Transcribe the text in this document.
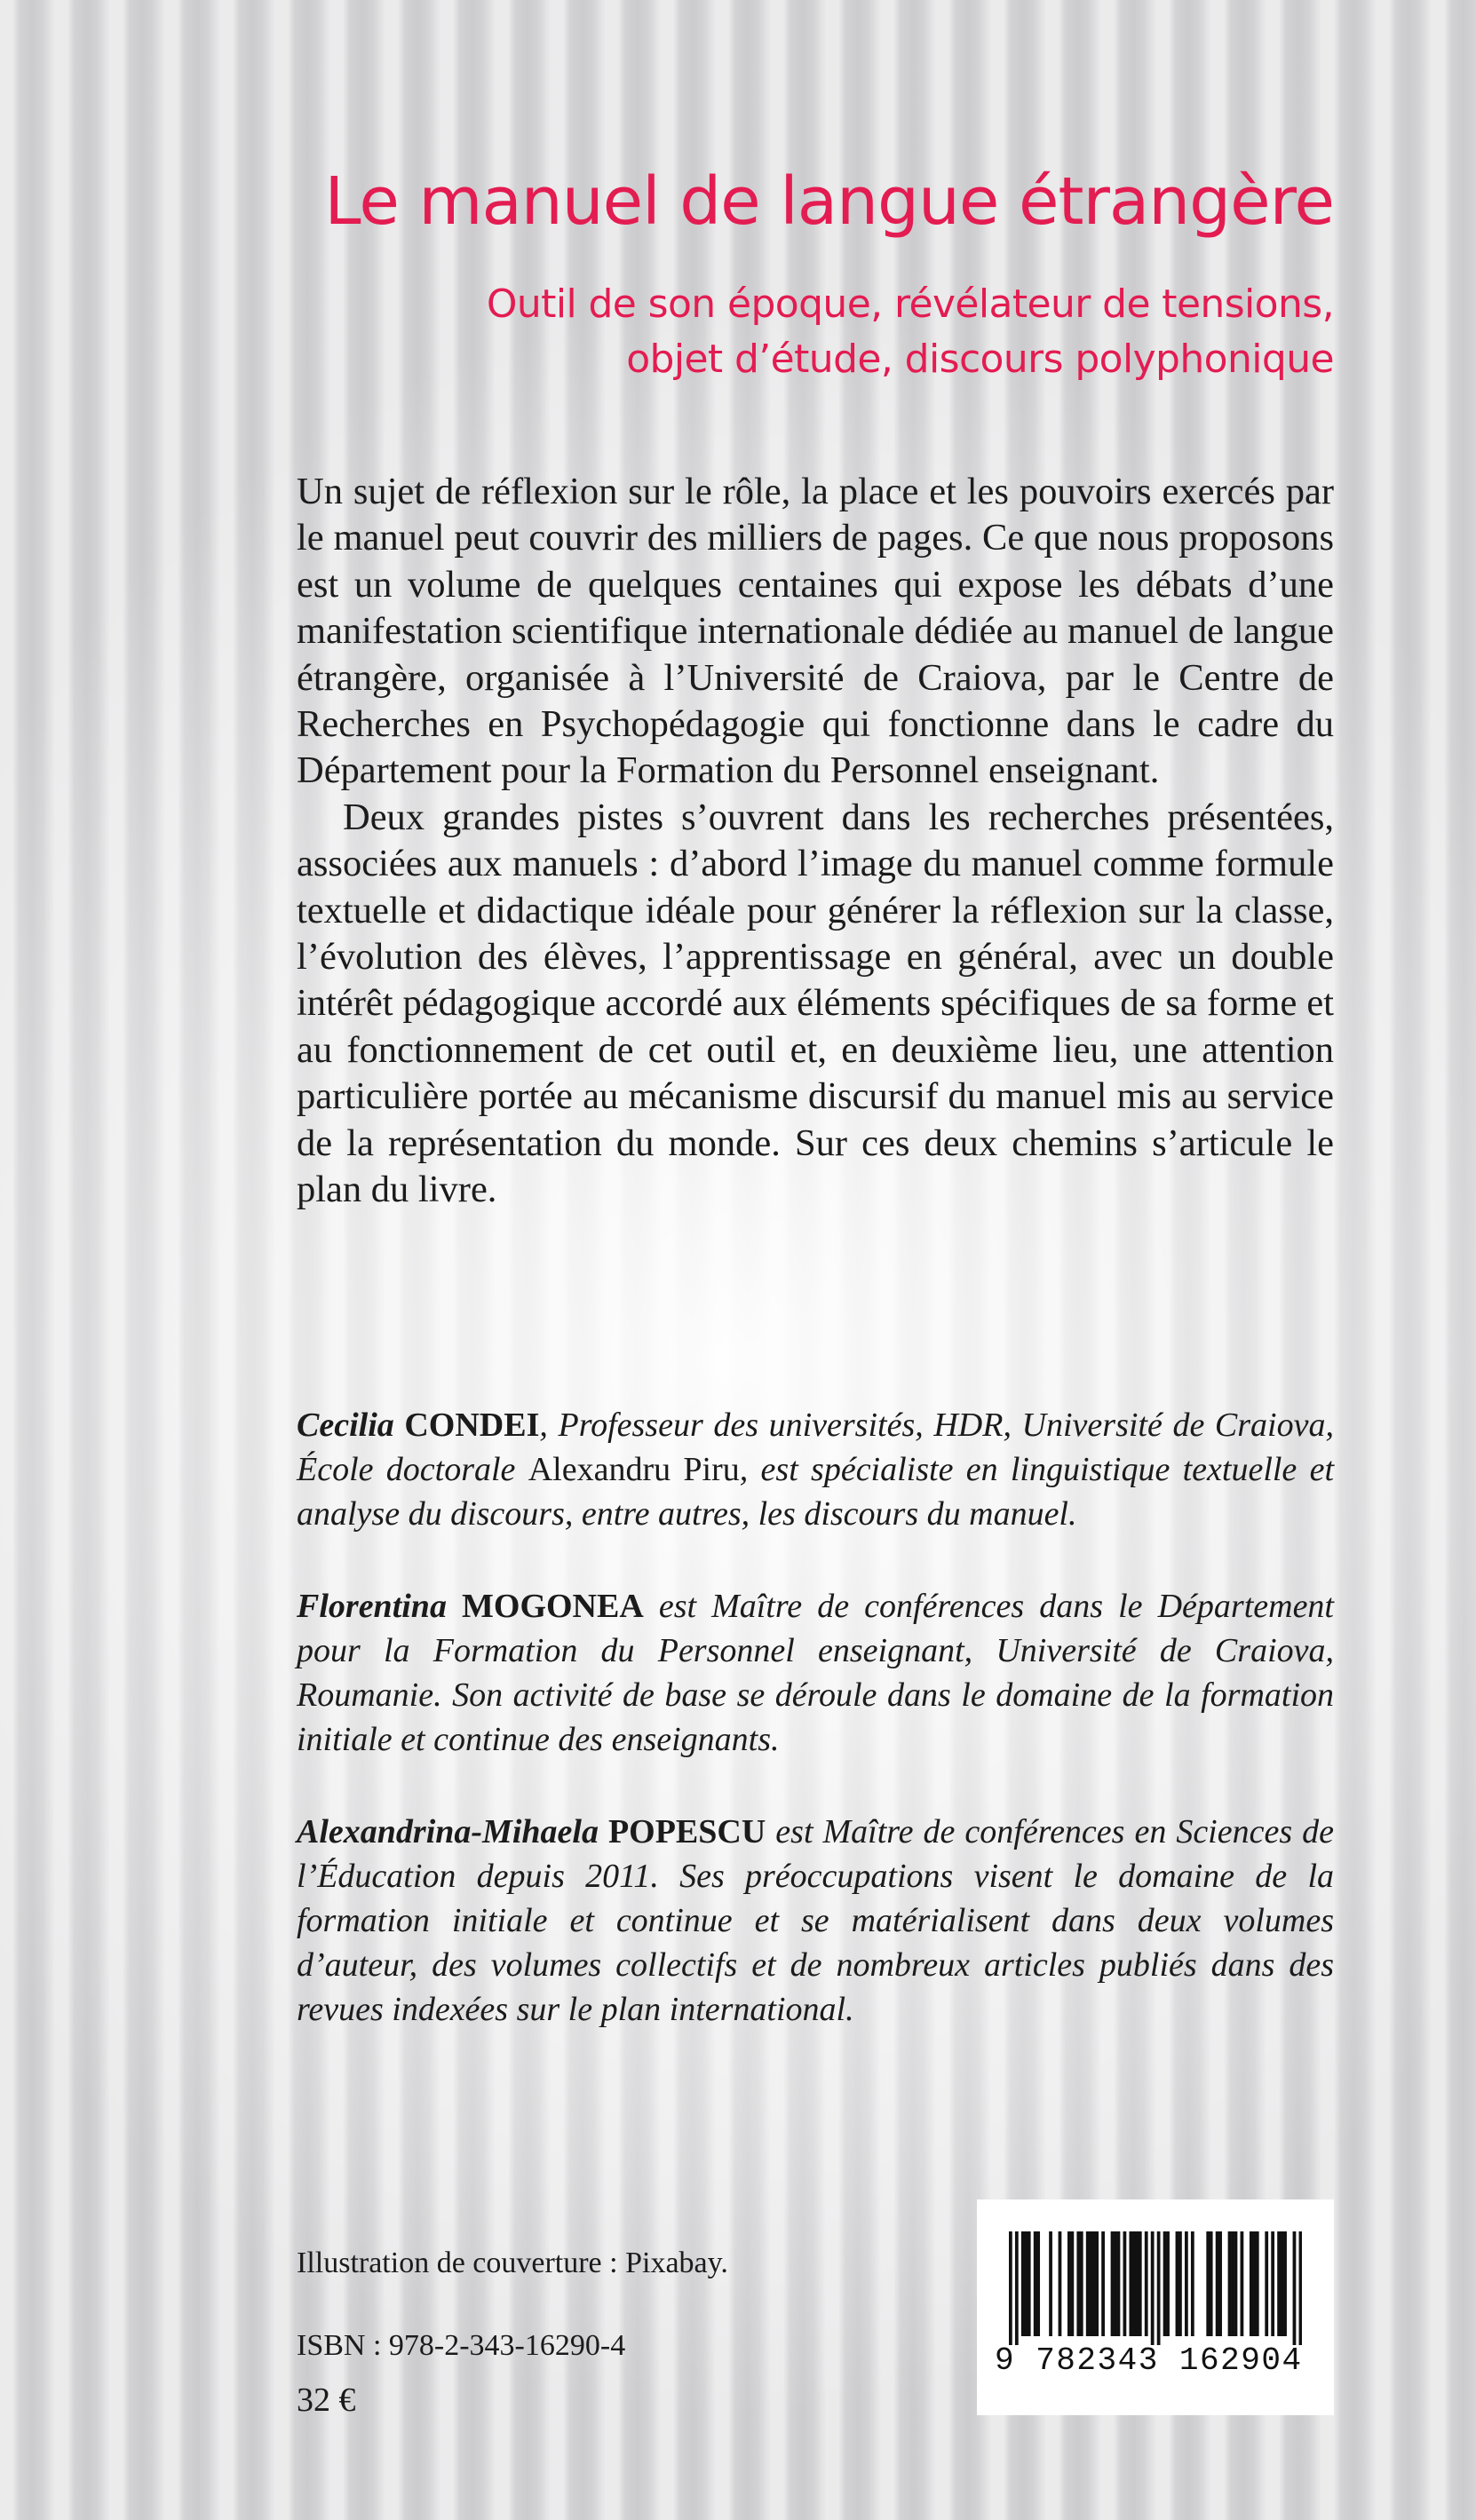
Le manuel de langue étrangère
Outil de son époque, révélateur de tensions,
objet d’étude, discours polyphonique

Un sujet de réflexion sur le rôle, la place et les pouvoirs exercés par le manuel peut couvrir des milliers de pages. Ce que nous proposons est un volume de quelques centaines qui expose les débats d’une manifestation scientifique internationale dédiée au manuel de langue étrangère, organisée à l’Université de Craiova, par le Centre de Recherches en Psychopédagogie qui fonctionne dans le cadre du Département pour la Formation du Personnel enseignant.

Deux grandes pistes s’ouvrent dans les recherches présentées, associées aux manuels : d’abord l’image du manuel comme formule textuelle et didactique idéale pour générer la réflexion sur la classe, l’évolution des élèves, l’apprentissage en général, avec un double intérêt pédagogique accordé aux éléments spécifiques de sa forme et au fonctionnement de cet outil et, en deuxième lieu, une attention particulière portée au mécanisme discursif du manuel mis au service de la représentation du monde. Sur ces deux chemins s’articule le plan du livre.

Cecilia CONDEI, Professeur des universités, HDR, Université de Craiova, École doctorale Alexandru Piru, est spécialiste en linguistique textuelle et analyse du discours, entre autres, les discours du manuel.

Florentina MOGONEA est Maître de conférences dans le Département pour la Formation du Personnel enseignant, Université de Craiova, Roumanie. Son activité de base se déroule dans le domaine de la formation initiale et continue des enseignants.

Alexandrina-Mihaela POPESCU est Maître de conférences en Sciences de l’Éducation depuis 2011. Ses préoccupations visent le domaine de la formation initiale et continue et se matérialisent dans deux volumes d’auteur, des volumes collectifs et de nombreux articles publiés dans des revues indexées sur le plan international.

Illustration de couverture : Pixabay.
ISBN : 978-2-343-16290-4
32 €
9 782343 162904
